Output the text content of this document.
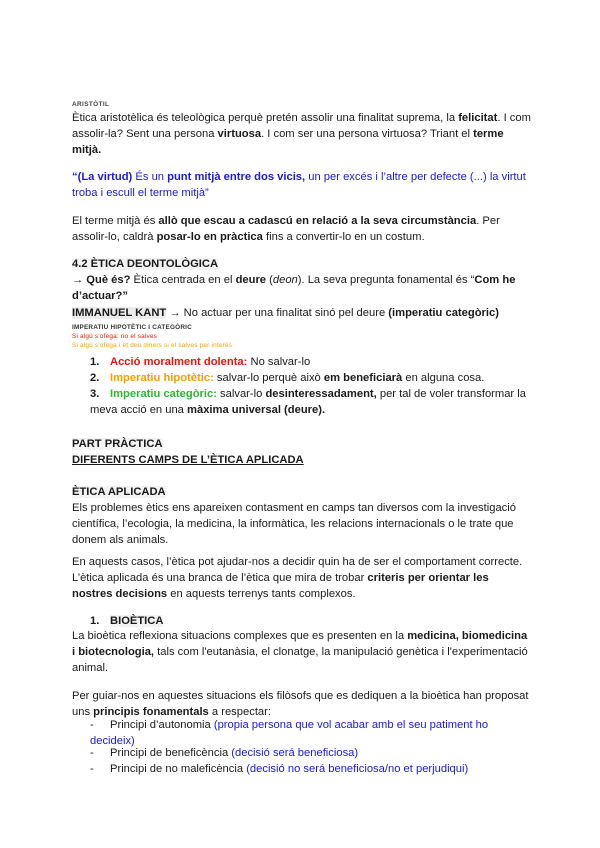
ARISTÒTIL
Ètica aristotèlica és teleològica perquè pretén assolir una finalitat suprema, la felicitat. I com assolir-la? Sent una persona virtuosa. I com ser una persona virtuosa? Triant el terme mitjà.
“(La virtud) És un punt mitjà entre dos vicis, un per excés i l’altre per defecte (...) la virtut troba i escull el terme mitjà”
El terme mitjà és allò que escau a cadascú en relació a la seva circumstància. Per assolir-lo, caldrà posar-lo en pràctica fins a convertir-lo en un costum.
4.2 ÈTICA DEONTOLÒGICA
→ Què és? Ètica centrada en el deure (deon). La seva pregunta fonamental és “Com he d’actuar?”
IMMANUEL KANT → No actuar per una finalitat sinó pel deure (imperatiu categòric)
IMPERATIU HIPOTÈTIC I CATEGÒRIC
Si algú s’ofega: no el salves
Si algú s’ofega i et deu diners si el salves per interès
1. Acció moralment dolenta: No salvar-lo
2. Imperatiu hipotètic: salvar-lo perquè això em beneficiarà en alguna cosa.
3. Imperatiu categòric: salvar-lo desinteressadament, per tal de voler transformar la meva acció en una màxima universal (deure).
PART PRÀCTICA
DIFERENTS CAMPS DE L’ÈTICA APLICADA
ÈTICA APLICADA
Els problemes ètics ens apareixen contasment en camps tan diversos com la investigació científica, l’ecologia, la medicina, la informàtica, les relacions internacionals o le trate que donem als animals.
En aquests casos, l’ètica pot ajudar-nos a decidir quin ha de ser el comportament correcte. L’ètica aplicada és una branca de l’ètica que mira de trobar criteris per orientar les nostres decisions en aquests terrenys tants complexos.
1. BIOÈTICA
La bioètica reflexiona situacions complexes que es presenten en la medicina, biomedicina i biotecnologia, tals com l'eutanàsia, el clonatge, la manipulació genètica i l'experimentació animal.
Per guiar-nos en aquestes situacions els filòsofs que es dediquen a la bioètica han proposat uns principis fonamentals a respectar:
- Principi d’autonomia (propia persona que vol acabar amb el seu patiment ho decideix)
- Principi de beneficència (decisió será beneficiosa)
- Principi de no maleficència (decisió no será beneficiosa/no et perjudiqui)
